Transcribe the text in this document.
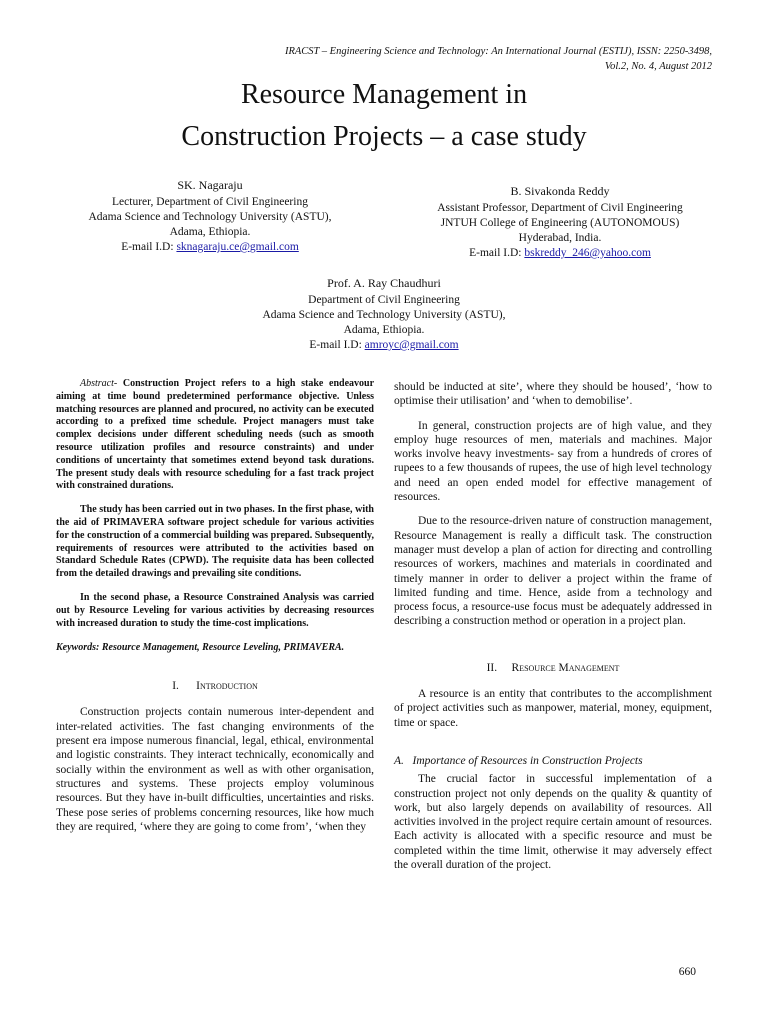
IRACST – Engineering Science and Technology: An International Journal (ESTIJ), ISSN: 2250-3498,
Vol.2, No. 4, August 2012
Resource Management in
Construction Projects – a case study
SK. Nagaraju
Lecturer, Department of Civil Engineering
Adama Science and Technology University (ASTU),
Adama, Ethiopia.
E-mail I.D: sknagaraju.ce@gmail.com
B. Sivakonda Reddy
Assistant Professor, Department of Civil Engineering
JNTUH College of Engineering (AUTONOMOUS)
Hyderabad, India.
E-mail I.D: bskreddy_246@yahoo.com
Prof. A. Ray Chaudhuri
Department of Civil Engineering
Adama Science and Technology University (ASTU),
Adama, Ethiopia.
E-mail I.D: amroyc@gmail.com

Abstract- Construction Project refers to a high stake endeavour aiming at time bound predetermined performance objective. Unless matching resources are planned and procured, no activity can be executed according to a prefixed time schedule. Project managers must take complex decisions under different scheduling needs (such as smooth resource utilization profiles and resource constraints) and under conditions of uncertainty that sometimes extend beyond task durations. The present study deals with resource scheduling for a fast track project with constrained durations.

The study has been carried out in two phases. In the first phase, with the aid of PRIMAVERA software project schedule for various activities for the construction of a commercial building was prepared. Subsequently, requirements of resources were attributed to the activities based on Standard Schedule Rates (CPWD). The requisite data has been collected from the detailed drawings and prevailing site conditions.

In the second phase, a Resource Constrained Analysis was carried out by Resource Leveling for various activities by decreasing resources with increased duration to study the time-cost implications.

Keywords: Resource Management, Resource Leveling, PRIMAVERA.

I. Introduction

Construction projects contain numerous inter-dependent and inter-related activities. The fast changing environments of the present era impose numerous financial, legal, ethical, environmental and logistic constraints. They interact technically, economically and socially within the environment as well as with other organisation, structures and systems. These projects employ voluminous resources. But they have in-built difficulties, uncertainties and risks. These pose series of problems concerning resources, like how much they are required, ‘where they are going to come from’, ‘when they

should be inducted at site’, where they should be housed’, ‘how to optimise their utilisation’ and ‘when to demobilise’.

In general, construction projects are of high value, and they employ huge resources of men, materials and machines. Major works involve heavy investments- say from a hundreds of crores of rupees to a few thousands of rupees, the use of high level technology and need an open ended model for effective management of resources.

Due to the resource-driven nature of construction management, Resource Management is really a difficult task. The construction manager must develop a plan of action for directing and controlling resources of workers, machines and materials in coordinated and timely manner in order to deliver a project within the frame of limited funding and time. Hence, aside from a technology and process focus, a resource-use focus must be adequately addressed in describing a construction method or operation in a project plan.

II. Resource Management

A resource is an entity that contributes to the accomplishment of project activities such as manpower, material, money, equipment, time or space.

A. Importance of Resources in Construction Projects

The crucial factor in successful implementation of a construction project not only depends on the quality & quantity of work, but also largely depends on availability of resources. All activities involved in the project require certain amount of resources. Each activity is allocated with a specific resource and must be completed within the time limit, otherwise it may adversely effect the overall duration of the project.

660
